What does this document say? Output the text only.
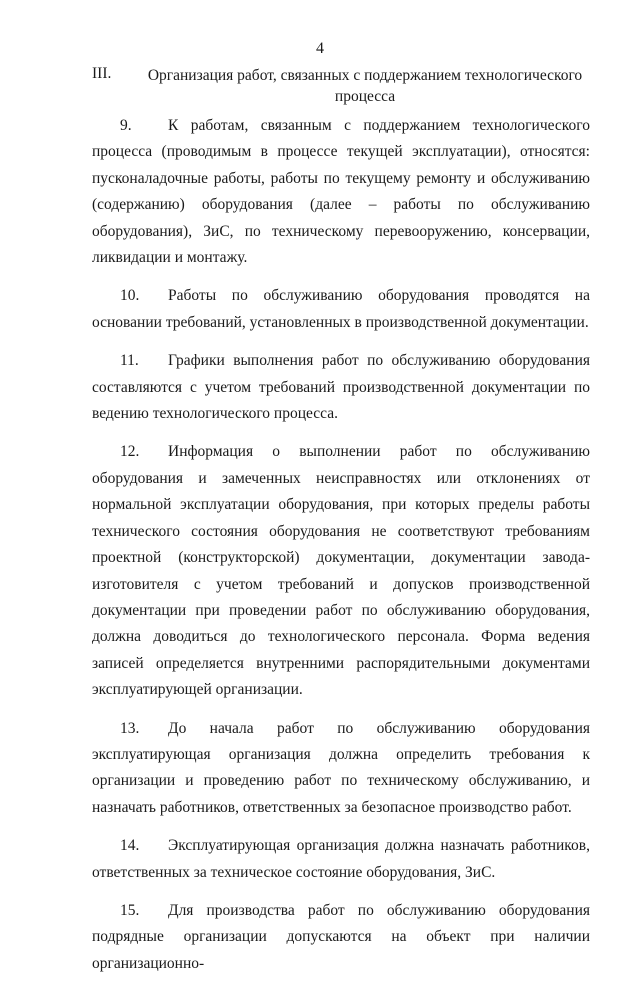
4
III. Организация работ, связанных с поддержанием технологического процесса

9. К работам, связанным с поддержанием технологического процесса (проводимым в процессе текущей эксплуатации), относятся: пусконаладочные работы, работы по текущему ремонту и обслуживанию (содержанию) оборудования (далее – работы по обслуживанию оборудования), ЗиС, по техническому перевооружению, консервации, ликвидации и монтажу.

10. Работы по обслуживанию оборудования проводятся на основании требований, установленных в производственной документации.

11. Графики выполнения работ по обслуживанию оборудования составляются с учетом требований производственной документации по ведению технологического процесса.

12. Информация о выполнении работ по обслуживанию оборудования и замеченных неисправностях или отклонениях от нормальной эксплуатации оборудования, при которых пределы работы технического состояния оборудования не соответствуют требованиям проектной (конструкторской) документации, документации завода-изготовителя с учетом требований и допусков производственной документации при проведении работ по обслуживанию оборудования, должна доводиться до технологического персонала. Форма ведения записей определяется внутренними распорядительными документами эксплуатирующей организации.

13. До начала работ по обслуживанию оборудования эксплуатирующая организация должна определить требования к организации и проведению работ по техническому обслуживанию, и назначать работников, ответственных за безопасное производство работ.

14. Эксплуатирующая организация должна назначать работников, ответственных за техническое состояние оборудования, ЗиС.

15. Для производства работ по обслуживанию оборудования подрядные организации допускаются на объект при наличии организационно-
